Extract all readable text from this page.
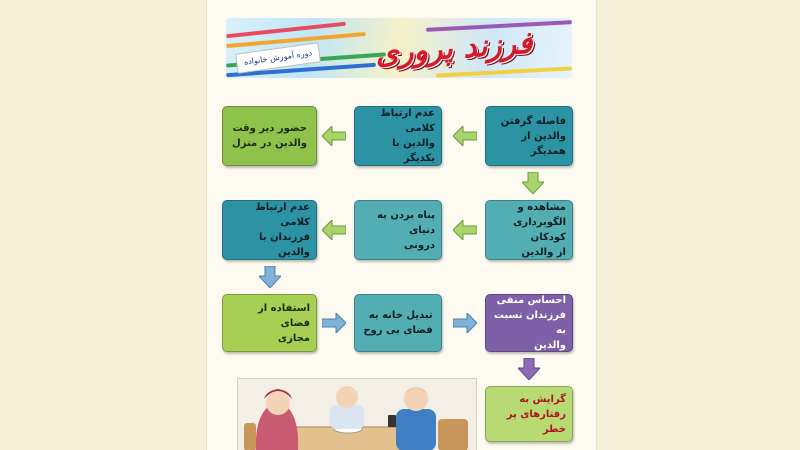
دوره آموزش خانواده	فرزند پروری
فاصله گرفتن
والدین از همدیگر
عدم ارتباط کلامی
والدین با یکدیگر
حضور دیر وقت
والدین در منزل
مشاهده و
الگوبرداری کودکان
از والدین
پناه بردن به دنیای
درونی
عدم ارتباط کلامی
فرزندان با والدین
استفاده از فضای
مجازی
تبدیل خانه به
فضای بی روح
احساس منفی
فرزندان نسبت به
والدین
گرایش به رفتارهای پر
خطر
